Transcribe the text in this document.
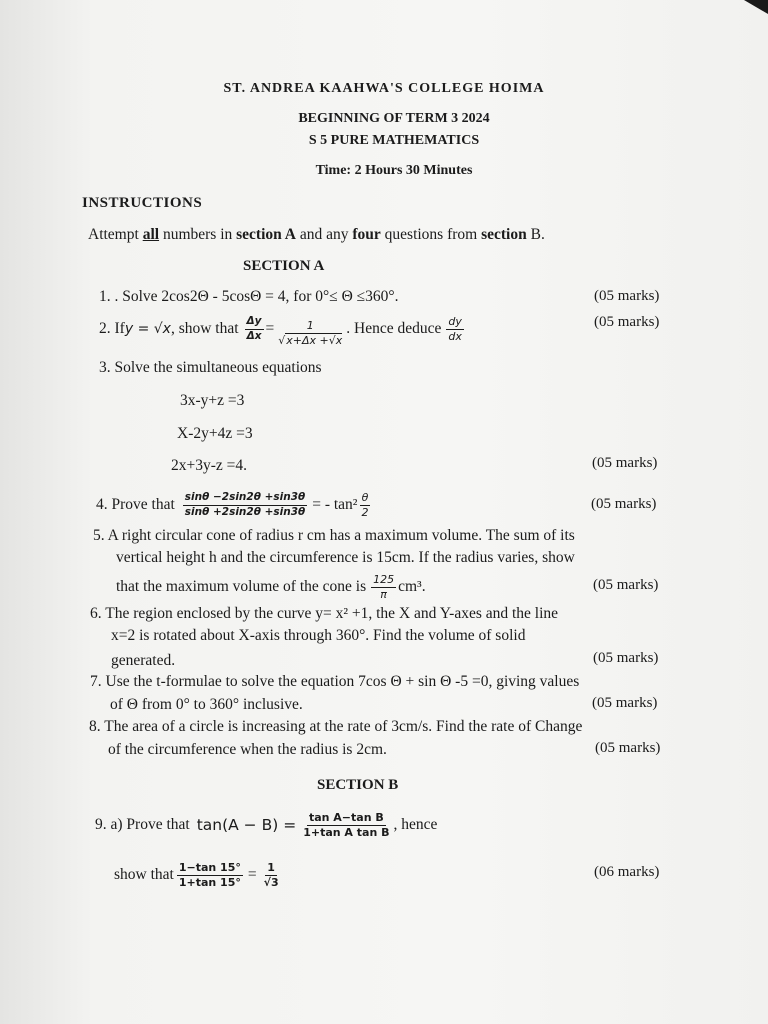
ST. ANDREA KAAHWA'S COLLEGE HOIMA
BEGINNING OF TERM 3 2024
S 5 PURE MATHEMATICS
Time: 2 Hours 30 Minutes
INSTRUCTIONS
Attempt all numbers in section A and any four questions from section B.
SECTION A
1. . Solve 2cos2Θ - 5cosΘ = 4, for 0°≤ Θ ≤360°.	(05 marks)
2. If y = √x , show that $\frac{\Delta y}{\Delta x} = \frac{1}{√x+\Delta x +√x}$ . Hence deduce $\frac{dy}{dx}$	(05 marks)
3. Solve the simultaneous equations
3x-y+z =3
X-2y+4z =3
2x+3y-z =4.	(05 marks)
4. Prove that $\frac{\sin\theta -2\sin 2\theta +\sin 3\theta}{\sin\theta +2\sin 2\theta +\sin 3\theta}$ = - $\tan^2 \frac{\theta}{2}$	(05 marks)
5. A right circular cone of radius r cm has a maximum volume. The sum of its
vertical height h and the circumference is 15cm. If the radius varies, show
that the maximum volume of the cone is $\frac{125}{\pi} cm^3$.	(05 marks)
6. The region enclosed by the curve y= x² +1, the X and Y-axes and the line
x=2 is rotated about X-axis through 360°. Find the volume of solid
generated.	(05 marks)
7. Use the t-formulae to solve the equation 7cos Θ + sin Θ -5 =0, giving values
of Θ from 0° to 360° inclusive.	(05 marks)
8. The area of a circle is increasing at the rate of 3cm/s. Find the rate of Change
of the circumference when the radius is 2cm.	(05 marks)
SECTION B
9. a) Prove that $\tan(A - B) = \frac{\text{tan A−tan B}}{\text{1+tan A tan B}}$ , hence
show that $\frac{1-\tan 15^\circ}{1+\tan 15^\circ} = \frac{1}{√3}$	(06 marks)
